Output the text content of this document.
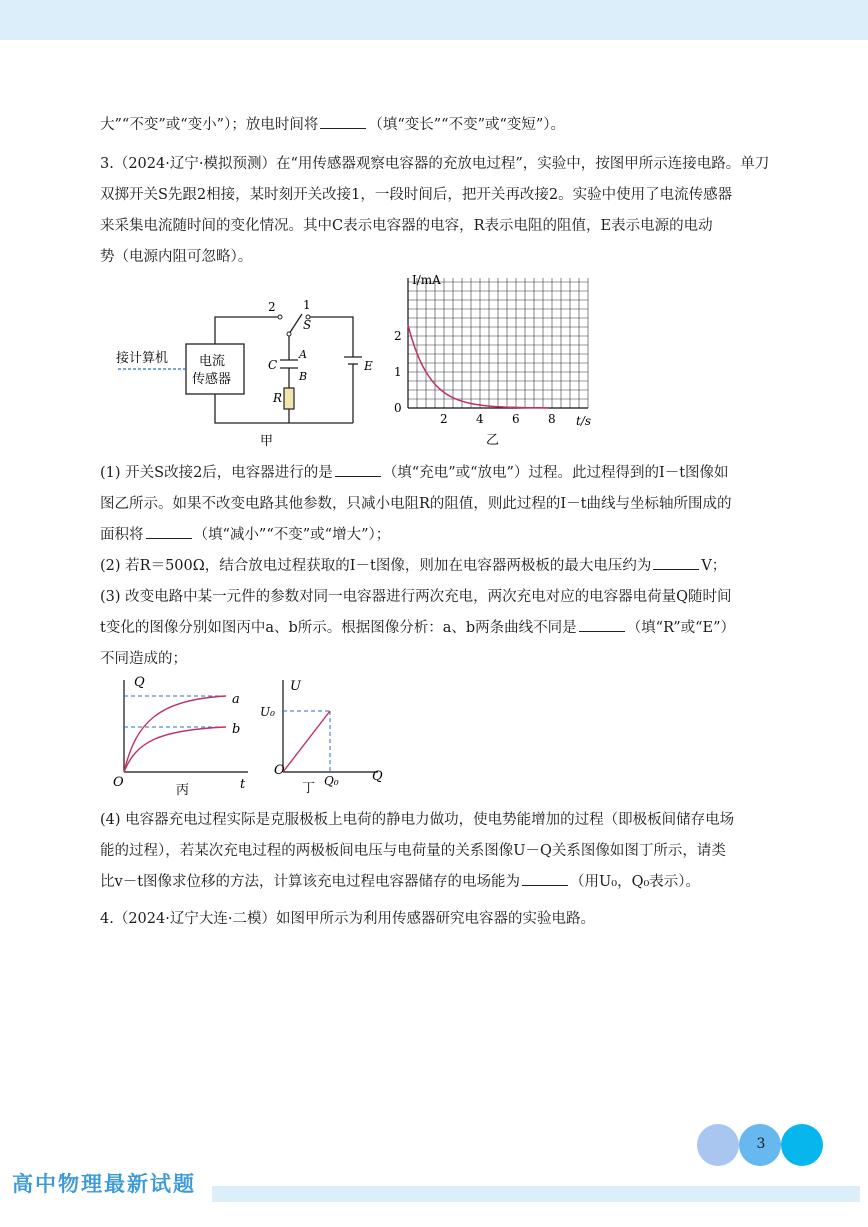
大”“不变”或“变小”）；放电时间将	（填“变长”“不变”或“变短”）。

3.（2024·辽宁·模拟预测）在“用传感器观察电容器的充放电过程”，实验中，按图甲所示连接电路。单刀

双掷开关S先跟2相接，某时刻开关改接1，一段时间后，把开关再改接2。实验中使用了电流传感器

来采集电流随时间的变化情况。其中C表示电容器的电容，R表示电阻的阻值，E表示电源的电动

势（电源内阻可忽略）。

接计算机 电流
传感器
2 1
S
C
A
B
R
E
甲
I/mA
t/s
0
1
2
2 4 6 8
乙

(1) 开关S改接2后，电容器进行的是	（填“充电”或“放电”）过程。此过程得到的I－t图像如

图乙所示。如果不改变电路其他参数，只减小电阻R的阻值，则此过程的I－t曲线与坐标轴所围成的

面积将	（填“减小”“不变”或“增大”）；

(2) 若R＝500Ω，结合放电过程获取的I－t图像，则加在电容器两极板的最大电压约为	V；

(3) 改变电路中某一元件的参数对同一电容器进行两次充电，两次充电对应的电容器电荷量Q随时间

t变化的图像分别如图丙中a、b所示。根据图像分析：a、b两条曲线不同是	（填“R”或“E”）

不同造成的；

Q
t
O
a
b
丙
U
Q
O
U₀
Q₀
丁

(4) 电容器充电过程实际是克服极板上电荷的静电力做功，使电势能增加的过程（即极板间储存电场

能的过程），若某次充电过程的两极板间电压与电荷量的关系图像U－Q关系图像如图丁所示，请类

比v－t图像求位移的方法，计算该充电过程电容器储存的电场能为	（用U₀，Q₀表示）。

4.（2024·辽宁大连·二模）如图甲所示为利用传感器研究电容器的实验电路。

3
高中物理最新试题
